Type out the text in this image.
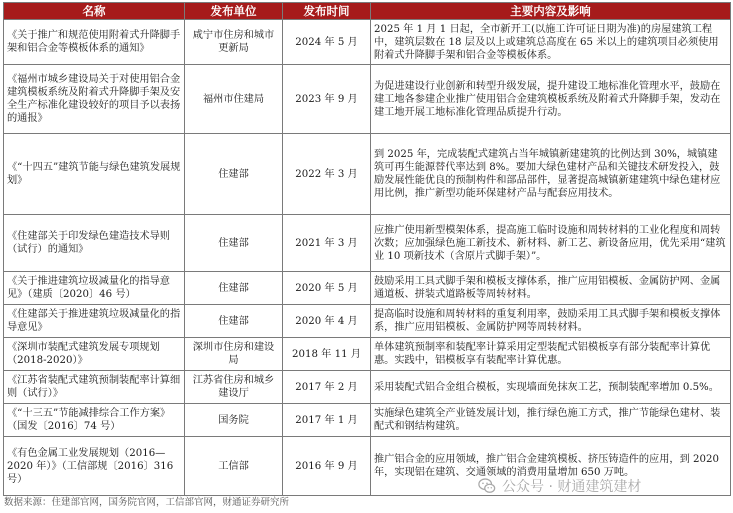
名称	发布单位	发布时间	主要内容及影响
《关于推广和规范使用附着式升降脚手架和铝合金等模板体系的通知》	咸宁市住房和城市更新局	2024 年 5 月	2025 年 1 月 1 日起，全市新开工(以施工许可证日期为准)的房屋建筑工程中，建筑层数在 18 层及以上或建筑总高度在 65 米以上的建筑项目必须使用附着式升降脚手架和铝合金等模板体系。
《福州市城乡建设局关于对使用铝合金建筑模板系统及附着式升降脚手架及安全生产标准化建设较好的项目予以表扬的通报》	福州市住建局	2023 年 9 月	为促进建设行业创新和转型升级发展，提升建设工地标准化管理水平，鼓励在建工地各参建企业推广使用铝合金建筑模板系统及附着式升降脚手架，发动在建工地开展工地标准化管理品质提升行动。
《“十四五”建筑节能与绿色建筑发展规划》	住建部	2022 年 3 月	到 2025 年，完成装配式建筑占当年城镇新建建筑的比例达到 30%，城镇建筑可再生能源替代率达到 8%。要加大绿色建材产品和关键技术研发投入，鼓励发展性能优良的预制构件和部品部件，显著提高城镇新建建筑中绿色建材应用比例，推广新型功能环保建材产品与配套应用技术。
《住建部关于印发绿色建造技术导则（试行）的通知》	住建部	2021 年 3 月	应推广使用新型模架体系，提高施工临时设施和周转材料的工业化程度和周转次数；应加强绿色施工新技术、新材料、新工艺、新设备应用，优先采用“建筑业 10 项新技术（含原片式脚手架）”。
《关于推进建筑垃圾减量化的指导意见》（建质〔2020〕46 号）	住建部	2020 年 5 月	鼓励采用工具式脚手架和模板支撑体系，推广应用铝模板、金属防护网、金属通道板、拼装式道路板等周转材料。
《住建部关于推进建筑垃圾减量化的指导意见》	住建部	2020 年 4 月	提高临时设施和周转材料的重复利用率，鼓励采用工具式脚手架和模板支撑体系，推广应用铝模板、金属防护网等周转材料。
《深圳市装配式建筑发展专项规划（2018-2020）》	深圳市住房和建设局	2018 年 11 月	单体建筑预制率和装配率计算采用定型装配式铝模板享有部分装配率计算优惠。实践中，铝模板享有装配率计算优惠。
《江苏省装配式建筑预制装配率计算细则（试行）》	江苏省住房和城乡建设厅	2017 年 2 月	采用装配式铝合金组合模板，实现墙面免抹灰工艺，预制装配率增加 0.5%。
《“十三五”节能减排综合工作方案》（国发〔2016〕74 号）	国务院	2017 年 1 月	实施绿色建筑全产业链发展计划，推行绿色施工方式，推广节能绿色建材、装配式和钢结构建筑。
《有色金属工业发展规划（2016—2020 年）》（工信部规〔2016〕316 号）	工信部	2016 年 9 月	推广铝合金的应用领域，推广铝合金建筑模板、挤压铸造件的应用，到 2020 年，实现铝在建筑、交通领域的消费用量增加 650 万吨。
数据来源：住建部官网，国务院官网，工信部官网，财通证券研究所
公众号 · 财通建筑建材
